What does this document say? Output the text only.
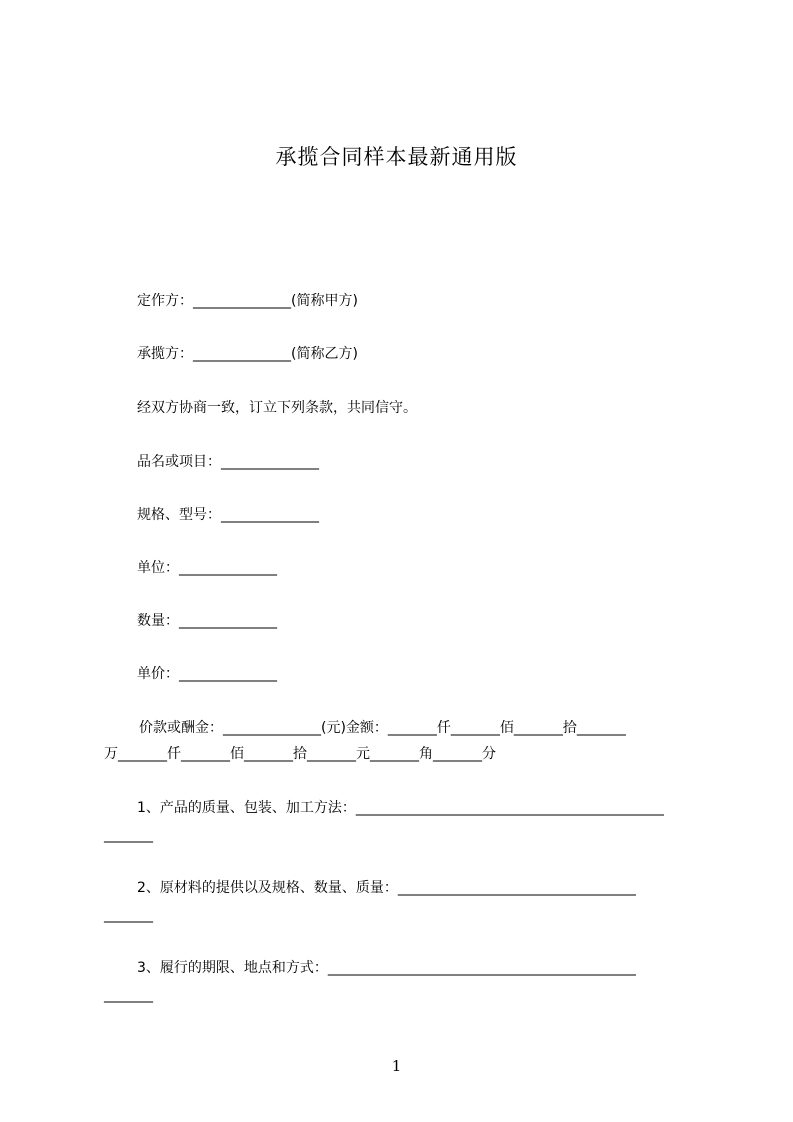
承揽合同样本最新通用版
定作方：______________(简称甲方)
承揽方：______________(简称乙方)
经双方协商一致，订立下列条款，共同信守。
品名或项目：______________
规格、型号：______________
单位：______________
数量：______________
单价：______________
价款或酬金：______________(元)金额：_______仟_______佰_______拾_______
万_______仟_______佰_______拾_______元_______角_______分
1、产品的质量、包装、加工方法：____________________________________________
_______
2、原材料的提供以及规格、数量、质量：__________________________________
_______
3、履行的期限、地点和方式：____________________________________________
_______
1
